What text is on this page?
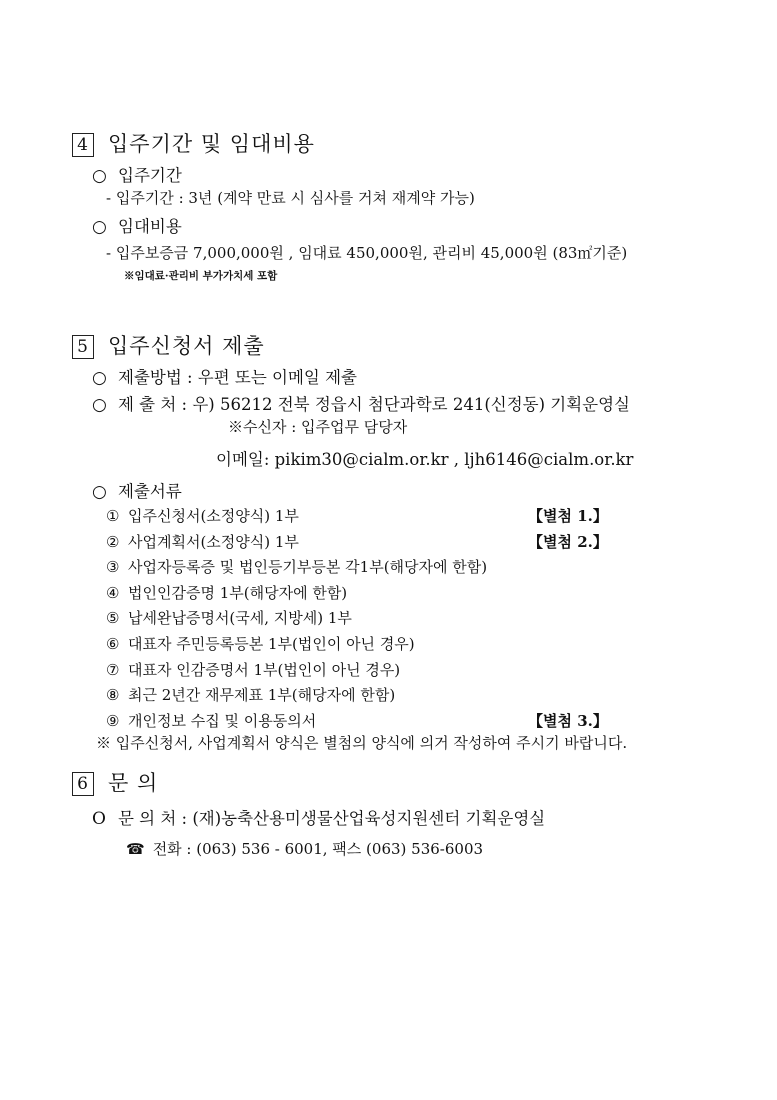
4 입주기간 및 임대비용
○ 입주기간
- 입주기간 : 3년 (계약 만료 시 심사를 거쳐 재계약 가능)
○ 임대비용
- 입주보증금 7,000,000원 , 임대료 450,000원, 관리비 45,000원 (83㎡기준)
※임대료·관리비 부가가치세 포함
5 입주신청서 제출
○ 제출방법 : 우편 또는 이메일 제출
○ 제 출 처 : 우) 56212 전북 정읍시 첨단과학로 241(신정동) 기획운영실
※수신자 : 입주업무 담당자
이메일: pikim30@cialm.or.kr , ljh6146@cialm.or.kr
○ 제출서류
① 입주신청서(소정양식) 1부	【별첨 1.】
② 사업계획서(소정양식) 1부	【별첨 2.】
③ 사업자등록증 및 법인등기부등본 각1부(해당자에 한함)
④ 법인인감증명 1부(해당자에 한함)
⑤ 납세완납증명서(국세, 지방세) 1부
⑥ 대표자 주민등록등본 1부(법인이 아닌 경우)
⑦ 대표자 인감증명서 1부(법인이 아닌 경우)
⑧ 최근 2년간 재무제표 1부(해당자에 한함)
⑨ 개인정보 수집 및 이용동의서	【별첨 3.】
※ 입주신청서, 사업계획서 양식은 별첨의 양식에 의거 작성하여 주시기 바랍니다.
6 문 의
O 문 의 처 : (재)농축산용미생물산업육성지원센터 기획운영실
☎ 전화 : (063) 536 - 6001, 팩스 (063) 536-6003
